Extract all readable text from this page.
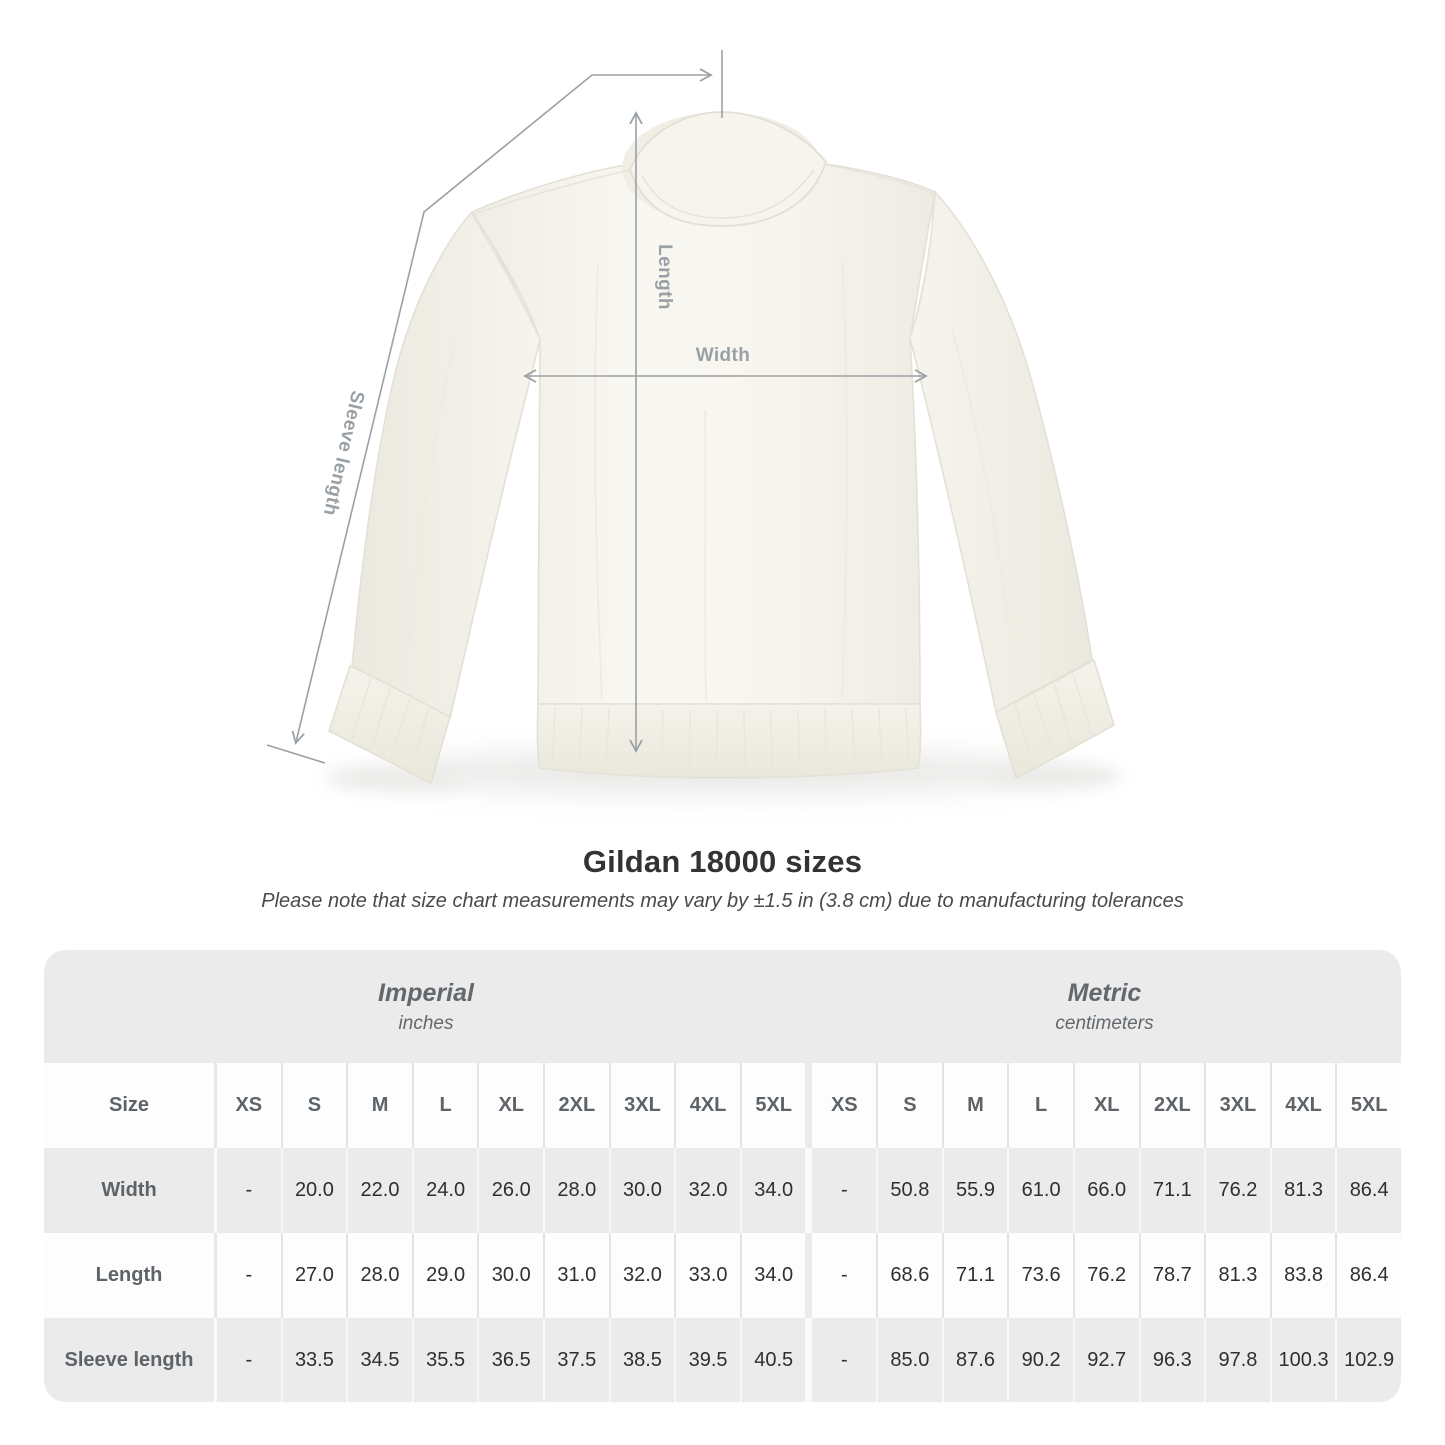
Width
Length
Sleeve length
Gildan 18000 sizes
Please note that size chart measurements may vary by ±1.5 in (3.8 cm) due to manufacturing tolerances
Imperial
inches
Metric
centimeters
Size	XS	S	M	L	XL	2XL	3XL	4XL	5XL	XS	S	M	L	XL	2XL	3XL	4XL	5XL
Width	-	20.0	22.0	24.0	26.0	28.0	30.0	32.0	34.0	-	50.8	55.9	61.0	66.0	71.1	76.2	81.3	86.4
Length	-	27.0	28.0	29.0	30.0	31.0	32.0	33.0	34.0	-	68.6	71.1	73.6	76.2	78.7	81.3	83.8	86.4
Sleeve length	-	33.5	34.5	35.5	36.5	37.5	38.5	39.5	40.5	-	85.0	87.6	90.2	92.7	96.3	97.8	100.3 102.9
